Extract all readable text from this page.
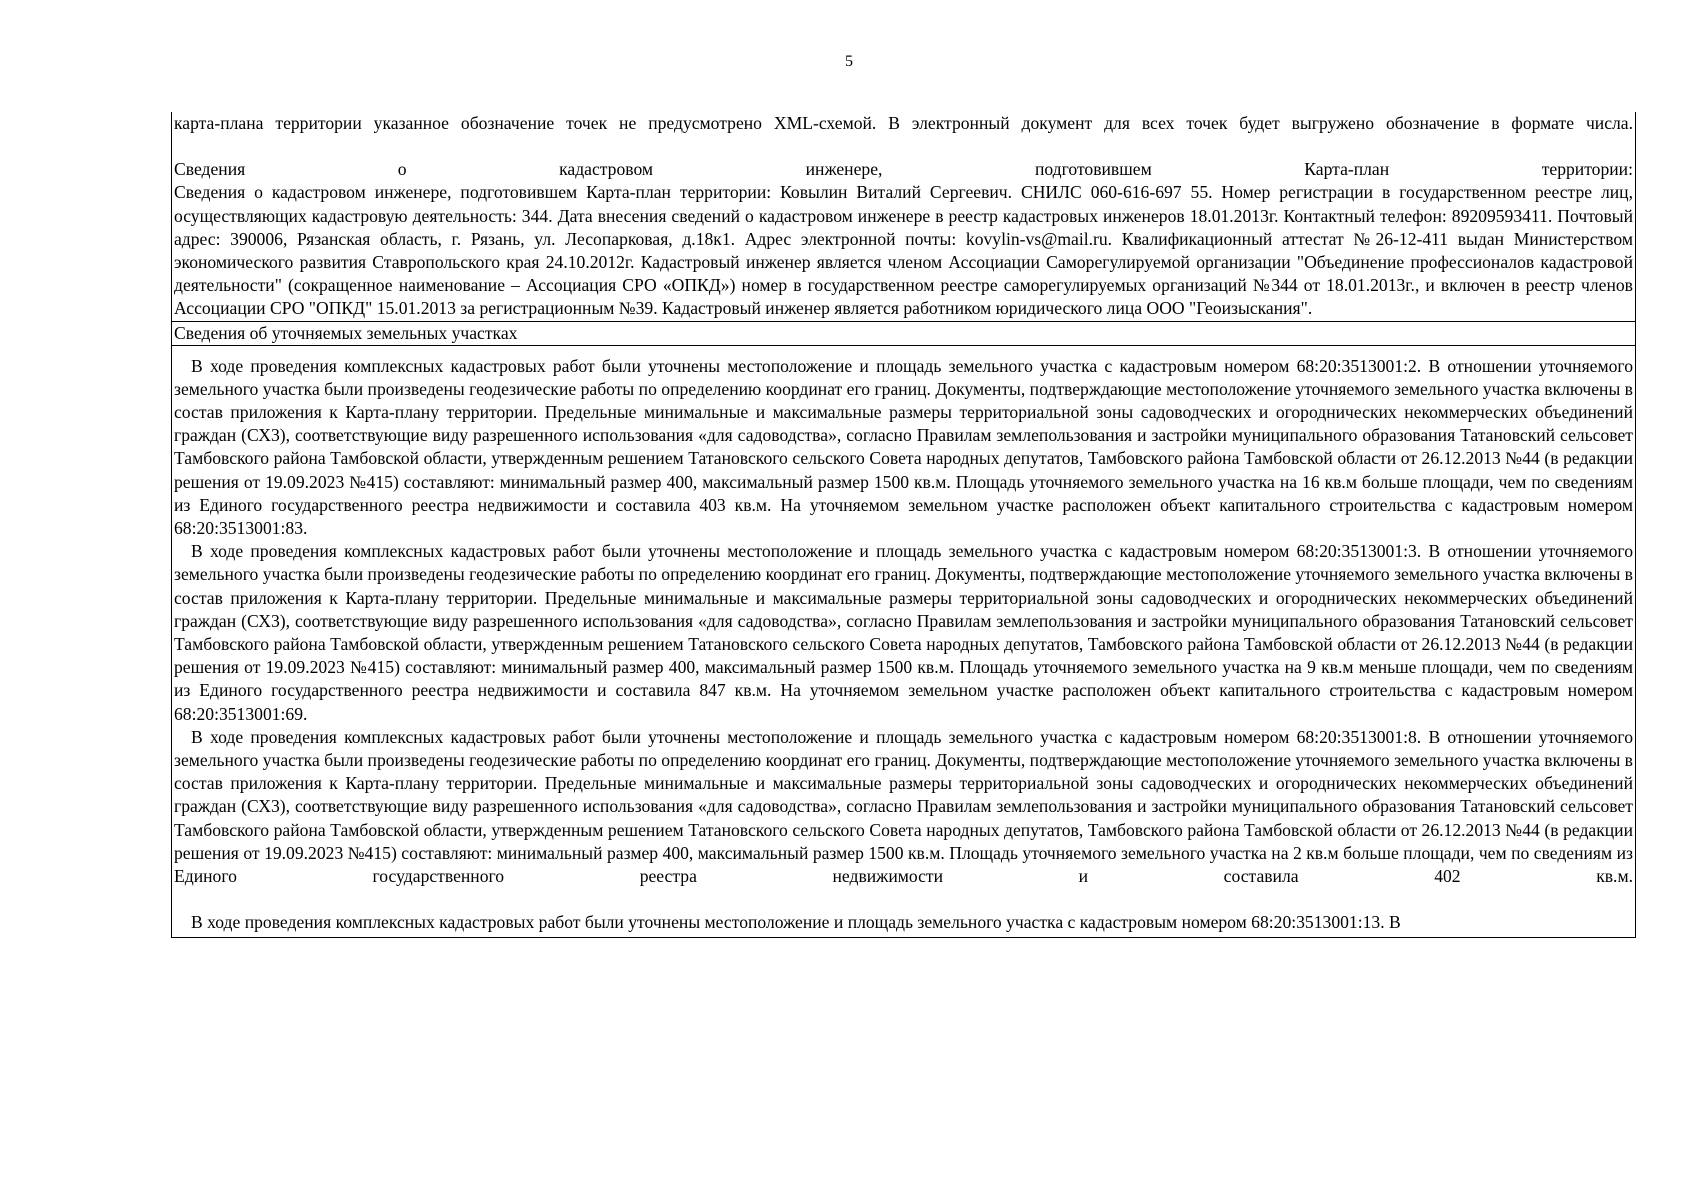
5

карта-плана территории указанное обозначение точек не предусмотрено XML-схемой. В электронный документ для всех точек будет выгружено обозначение в формате числа.

Сведения о кадастровом инженере, подготовившем Карта-план территории:

Сведения о кадастровом инженере, подготовившем Карта-план территории: Ковылин Виталий Сергеевич. СНИЛС 060-616-697 55. Номер регистрации в государственном реестре лиц, осуществляющих кадастровую деятельность: 344. Дата внесения сведений о кадастровом инженере в реестр кадастровых инженеров 18.01.2013г. Контактный телефон: 89209593411. Почтовый адрес: 390006, Рязанская область, г. Рязань, ул. Лесопарковая, д.18к1. Адрес электронной почты: kovylin-vs@mail.ru. Квалификационный аттестат №26-12-411 выдан Министерством экономического развития Ставропольского края 24.10.2012г. Кадастровый инженер является членом Ассоциации Саморегулируемой организации "Объединение профессионалов кадастровой деятельности" (сокращенное наименование – Ассоциация СРО «ОПКД») номер в государственном реестре саморегулируемых организаций №344 от 18.01.2013г., и включен в реестр членов Ассоциации СРО "ОПКД" 15.01.2013 за регистрационным №39. Кадастровый инженер является работником юридического лица ООО "Геоизыскания".

Сведения об уточняемых земельных участках

В ходе проведения комплексных кадастровых работ были уточнены местоположение и площадь земельного участка с кадастровым номером 68:20:3513001:2. В отношении уточняемого земельного участка были произведены геодезические работы по определению координат его границ. Документы, подтверждающие местоположение уточняемого земельного участка включены в состав приложения к Карта-плану территории. Предельные минимальные и максимальные размеры территориальной зоны садоводческих и огороднических некоммерческих объединений граждан (СХ3), соответствующие виду разрешенного использования «для садоводства», согласно Правилам землепользования и застройки муниципального образования Татановский сельсовет Тамбовского района Тамбовской области, утвержденным решением Татановского сельского Совета народных депутатов, Тамбовского района Тамбовской области от 26.12.2013 №44 (в редакции решения от 19.09.2023 №415) составляют: минимальный размер 400, максимальный размер 1500 кв.м. Площадь уточняемого земельного участка на 16 кв.м больше площади, чем по сведениям из Единого государственного реестра недвижимости и составила 403 кв.м. На уточняемом земельном участке расположен объект капитального строительства с кадастровым номером 68:20:3513001:83.

В ходе проведения комплексных кадастровых работ были уточнены местоположение и площадь земельного участка с кадастровым номером 68:20:3513001:3. В отношении уточняемого земельного участка были произведены геодезические работы по определению координат его границ. Документы, подтверждающие местоположение уточняемого земельного участка включены в состав приложения к Карта-плану территории. Предельные минимальные и максимальные размеры территориальной зоны садоводческих и огороднических некоммерческих объединений граждан (СХ3), соответствующие виду разрешенного использования «для садоводства», согласно Правилам землепользования и застройки муниципального образования Татановский сельсовет Тамбовского района Тамбовской области, утвержденным решением Татановского сельского Совета народных депутатов, Тамбовского района Тамбовской области от 26.12.2013 №44 (в редакции решения от 19.09.2023 №415) составляют: минимальный размер 400, максимальный размер 1500 кв.м. Площадь уточняемого земельного участка на 9 кв.м меньше площади, чем по сведениям из Единого государственного реестра недвижимости и составила 847 кв.м. На уточняемом земельном участке расположен объект капитального строительства с кадастровым номером 68:20:3513001:69.

В ходе проведения комплексных кадастровых работ были уточнены местоположение и площадь земельного участка с кадастровым номером 68:20:3513001:8. В отношении уточняемого земельного участка были произведены геодезические работы по определению координат его границ. Документы, подтверждающие местоположение уточняемого земельного участка включены в состав приложения к Карта-плану территории. Предельные минимальные и максимальные размеры территориальной зоны садоводческих и огороднических некоммерческих объединений граждан (СХ3), соответствующие виду разрешенного использования «для садоводства», согласно Правилам землепользования и застройки муниципального образования Татановский сельсовет Тамбовского района Тамбовской области, утвержденным решением Татановского сельского Совета народных депутатов, Тамбовского района Тамбовской области от 26.12.2013 №44 (в редакции решения от 19.09.2023 №415) составляют: минимальный размер 400, максимальный размер 1500 кв.м. Площадь уточняемого земельного участка на 2 кв.м больше площади, чем по сведениям из Единого государственного реестра недвижимости и составила 402 кв.м.

В ходе проведения комплексных кадастровых работ были уточнены местоположение и площадь земельного участка с кадастровым номером 68:20:3513001:13. В
